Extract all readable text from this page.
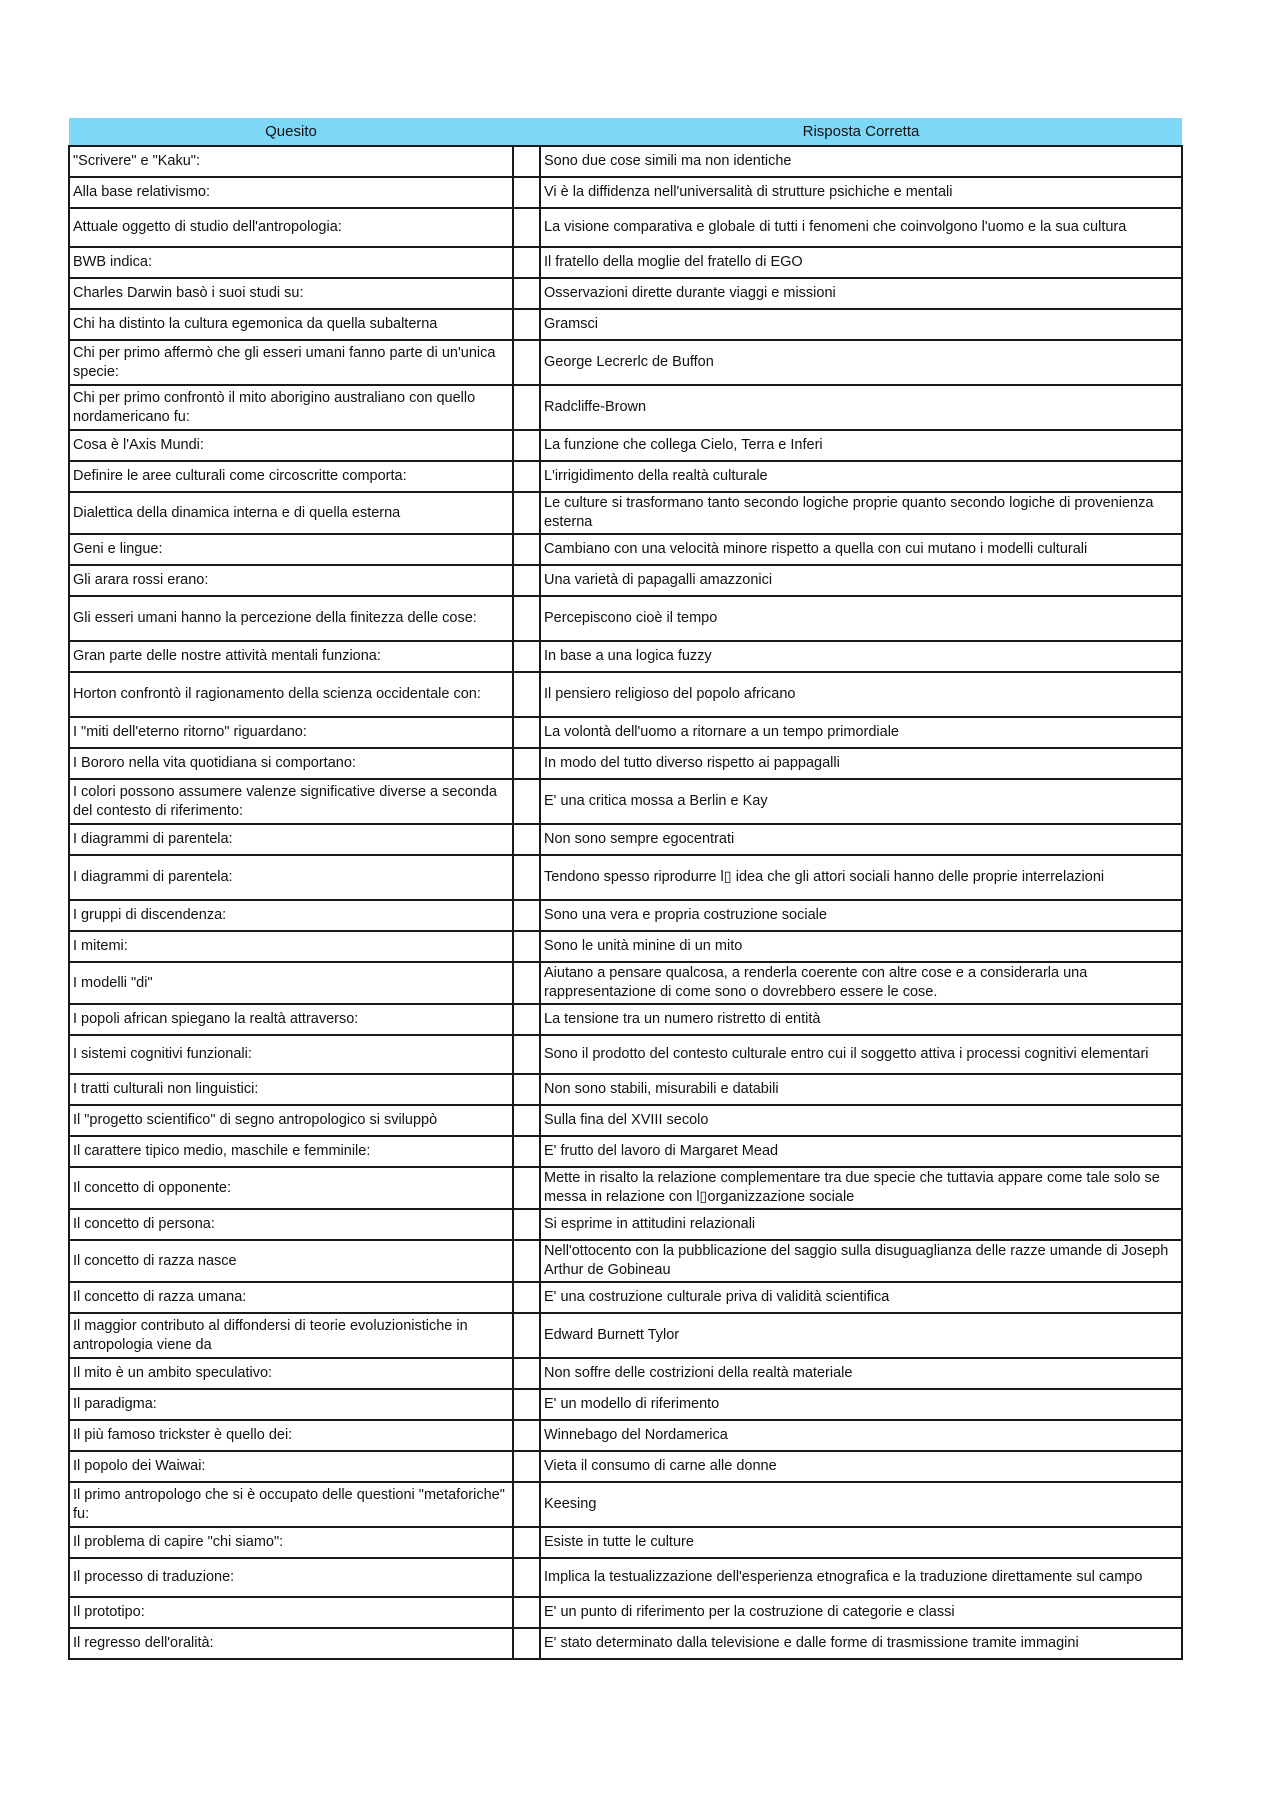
Quesito		Risposta Corretta
"Scrivere" e "Kaku":		Sono due cose simili ma non identiche
Alla base relativismo:		Vi è la diffidenza nell'universalità di strutture psichiche e mentali
Attuale oggetto di studio dell'antropologia:		La visione comparativa e globale di tutti i fenomeni che coinvolgono l'uomo e la sua cultura
BWB indica:		Il fratello della moglie del fratello di EGO
Charles Darwin basò i suoi studi su:		Osservazioni dirette durante viaggi e missioni
Chi ha distinto la cultura egemonica da quella subalterna		Gramsci
Chi per primo affermò che gli esseri umani fanno parte di un'unica specie:		George Lecrerlc de Buffon
Chi per primo confrontò il mito aborigino australiano con quello nordamericano fu:		Radcliffe-Brown
Cosa è l'Axis Mundi:		La funzione che collega Cielo, Terra e Inferi
Definire le aree culturali come circoscritte comporta:		L'irrigidimento della realtà culturale
Dialettica della dinamica interna e di quella esterna		Le culture si trasformano tanto secondo logiche proprie quanto secondo logiche di provenienza esterna
Geni e lingue:		Cambiano con una velocità minore rispetto a quella con cui mutano i modelli culturali
Gli arara rossi erano:		Una varietà di papagalli amazzonici
Gli esseri umani hanno la percezione della finitezza delle cose:		Percepiscono cioè il tempo
Gran parte delle nostre attività mentali funziona:		In base a una logica fuzzy
Horton confrontò il ragionamento della scienza occidentale con:		Il pensiero religioso del popolo africano
I "miti dell'eterno ritorno" riguardano:		La volontà dell'uomo a ritornare a un tempo primordiale
I Bororo nella vita quotidiana si comportano:		In modo del tutto diverso rispetto ai pappagalli
I colori possono assumere valenze significative diverse a seconda del contesto di riferimento:		E' una critica mossa a Berlin e Kay
I diagrammi di parentela:		Non sono sempre egocentrati
I diagrammi di parentela:		Tendono spesso riprodurre l▯ idea che gli attori sociali hanno delle proprie interrelazioni
I gruppi di discendenza:		Sono una vera e propria costruzione sociale
I mitemi:		Sono le unità minine di un mito
I modelli "di"		Aiutano a pensare qualcosa, a renderla coerente con altre cose e a considerarla una rappresentazione di come sono o dovrebbero essere le cose.
I popoli african spiegano la realtà attraverso:		La tensione tra un numero ristretto di entità
I sistemi cognitivi funzionali:		Sono il prodotto del contesto culturale entro cui il soggetto attiva i processi cognitivi elementari
I tratti culturali non linguistici:		Non sono stabili, misurabili e databili
Il "progetto scientifico" di segno antropologico si sviluppò		Sulla fina del XVIII secolo
Il carattere tipico medio, maschile e femminile:		E' frutto del lavoro di Margaret Mead
Il concetto di opponente:		Mette in risalto la relazione complementare tra due specie che tuttavia appare come tale solo se messa in relazione con l▯organizzazione sociale
Il concetto di persona:		Si esprime in attitudini relazionali
Il concetto di razza nasce		Nell'ottocento con la pubblicazione del saggio sulla disuguaglianza delle razze umande di Joseph Arthur de Gobineau
Il concetto di razza umana:		E' una costruzione culturale priva di validità scientifica
Il maggior contributo al diffondersi di teorie evoluzionistiche in antropologia viene da		Edward Burnett Tylor
Il mito è un ambito speculativo:		Non soffre delle costrizioni della realtà materiale
Il paradigma:		E' un modello di riferimento
Il più famoso trickster è quello dei:		Winnebago del Nordamerica
Il popolo dei Waiwai:		Vieta il consumo di carne alle donne
Il primo antropologo che si è occupato delle questioni "metaforiche" fu:		Keesing
Il problema di capire "chi siamo":		Esiste in tutte le culture
Il processo di traduzione:		Implica la testualizzazione dell'esperienza etnografica e la traduzione direttamente sul campo
Il prototipo:		E' un punto di riferimento per la costruzione di categorie e classi
Il regresso dell'oralità:		E' stato determinato dalla televisione e dalle forme di trasmissione tramite immagini
